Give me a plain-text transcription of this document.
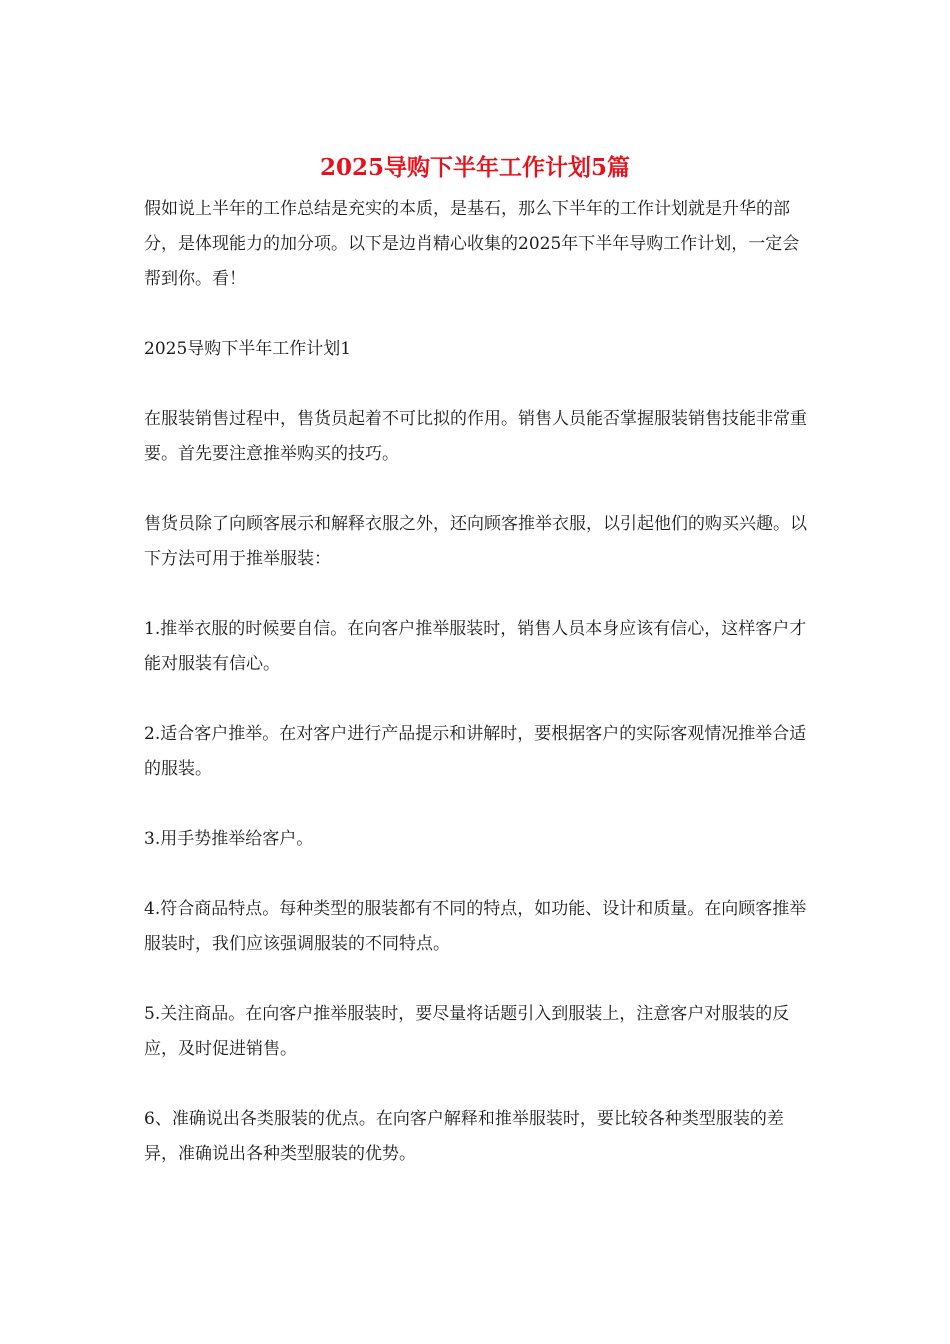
2025导购下半年工作计划5篇

假如说上半年的工作总结是充实的本质，是基石，那么下半年的工作计划就是升华的部分，是体现能力的加分项。以下是边肖精心收集的2025年下半年导购工作计划，一定会帮到你。看！

2025导购下半年工作计划1

在服装销售过程中，售货员起着不可比拟的作用。销售人员能否掌握服装销售技能非常重要。首先要注意推举购买的技巧。

售货员除了向顾客展示和解释衣服之外，还向顾客推举衣服，以引起他们的购买兴趣。以下方法可用于推举服装：

1.推举衣服的时候要自信。在向客户推举服装时，销售人员本身应该有信心，这样客户才能对服装有信心。

2.适合客户推举。在对客户进行产品提示和讲解时，要根据客户的实际客观情况推举合适的服装。

3.用手势推举给客户。

4.符合商品特点。每种类型的服装都有不同的特点，如功能、设计和质量。在向顾客推举服装时，我们应该强调服装的不同特点。

5.关注商品。在向客户推举服装时，要尽量将话题引入到服装上，注意客户对服装的反应，及时促进销售。

6、准确说出各类服装的优点。在向客户解释和推举服装时，要比较各种类型服装的差异，准确说出各种类型服装的优势。
